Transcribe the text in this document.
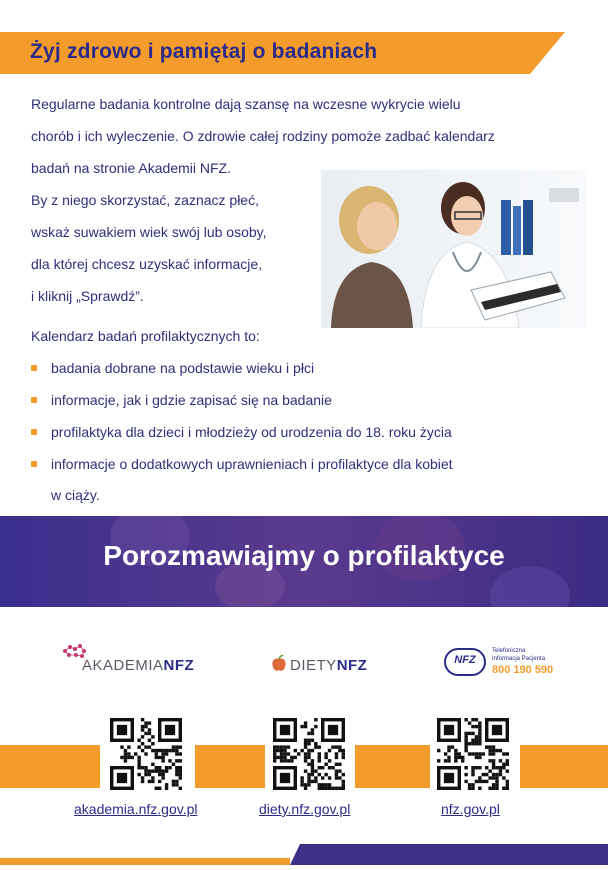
Żyj zdrowo i pamiętaj o badaniach
Regularne badania kontrolne dają szansę na wczesne wykrycie wielu
chorób i ich wyleczenie. O zdrowie całej rodziny pomoże zadbać kalendarz
badań na stronie Akademii NFZ.
By z niego skorzystać, zaznacz płeć,
wskaż suwakiem wiek swój lub osoby,
dla której chcesz uzyskać informacje,
i kliknij „Sprawdź”.
Kalendarz badań profilaktycznych to:
badania dobrane na podstawie wieku i płci
informacje, jak i gdzie zapisać się na badanie
profilaktyka dla dzieci i młodzieży od urodzenia do 18. roku życia
informacje o dodatkowych uprawnieniach i profilaktyce dla kobiet
w ciąży.
Porozmawiajmy o profilaktyce
AKADEMIANFZ	DIETYNFZ	NFZ
Telefoniczna
Informacja Pacjenta
800 190 590
akademia.nfz.gov.pl	diety.nfz.gov.pl	nfz.gov.pl
